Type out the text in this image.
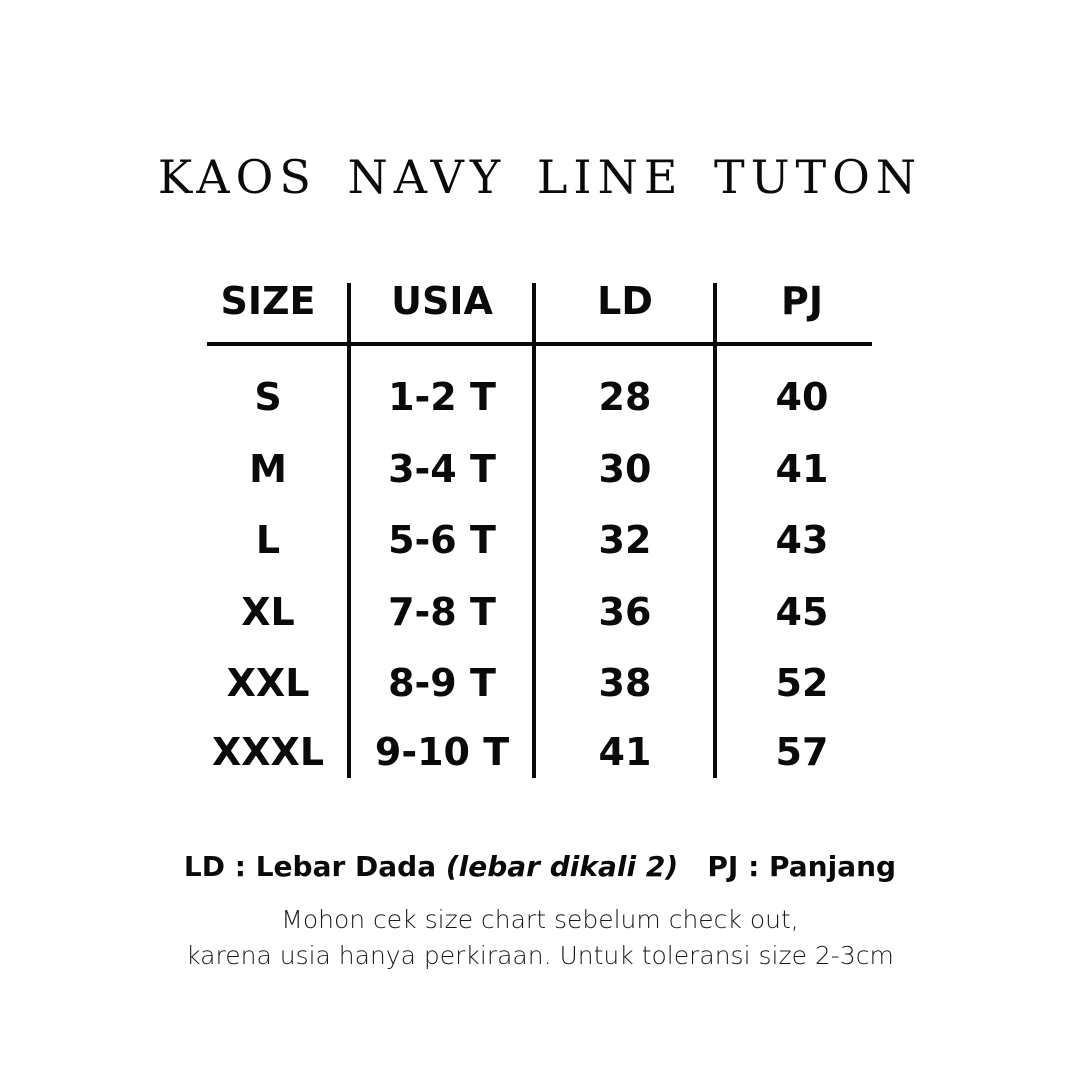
KAOS NAVY LINE TUTON
SIZE	USIA	LD	PJ
S	1-2 T	28	40
M	3-4 T	30	41
L	5-6 T	32	43
XL	7-8 T	36	45
XXL	8-9 T	38	52
XXXL	9-10 T	41	57
LD : Lebar Dada (lebar dikali 2) PJ : Panjang
Mohon cek size chart sebelum check out,
karena usia hanya perkiraan. Untuk toleransi size 2-3cm
